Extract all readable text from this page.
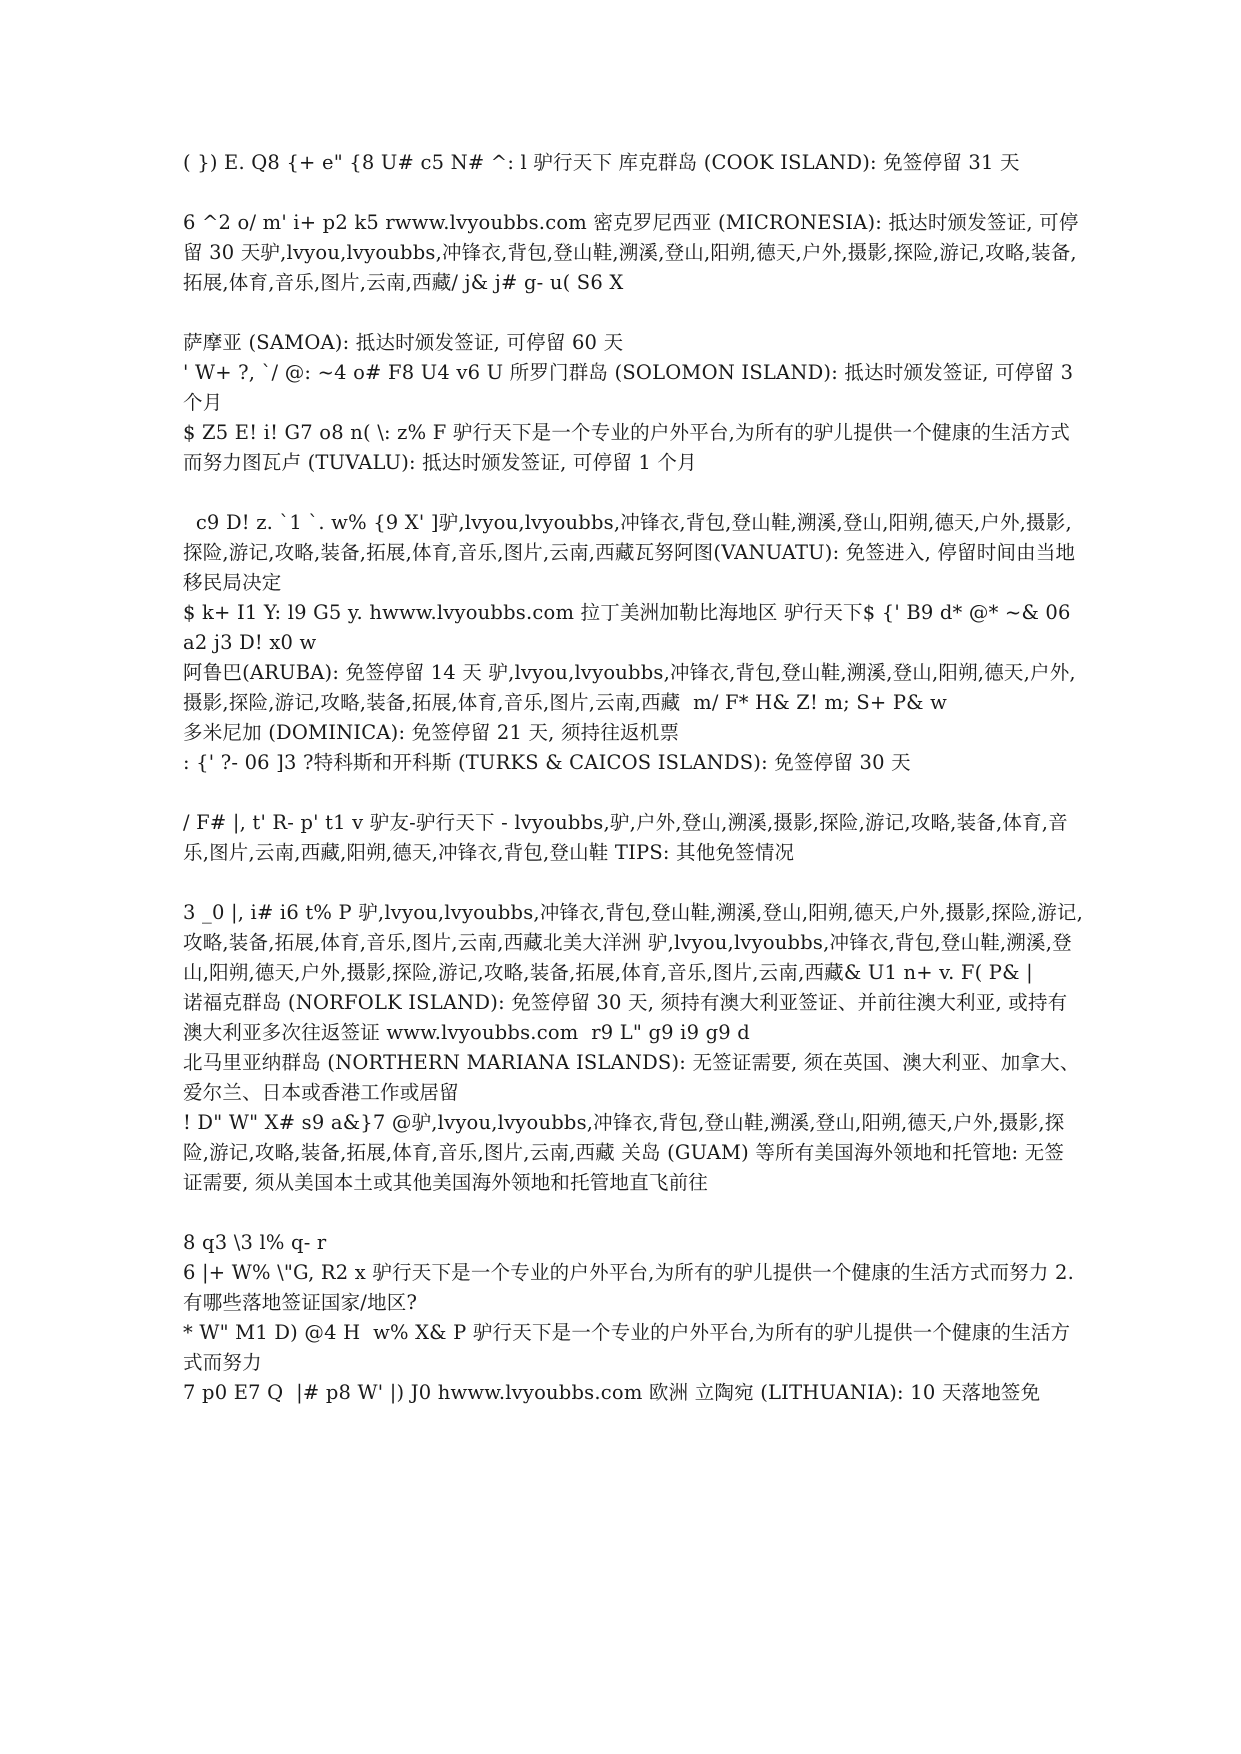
( }) E. Q8 {+ e" {8 U# c5 N# ^: l 驴行天下 库克群岛 (COOK ISLAND): 免签停留 31 天

6 ^2 o/ m' i+ p2 k5 rwww.lvyoubbs.com 密克罗尼西亚 (MICRONESIA): 抵达时颁发签证, 可停留 30 天驴,lvyou,lvyoubbs,冲锋衣,背包,登山鞋,溯溪,登山,阳朔,德天,户外,摄影,探险,游记,攻略,装备,拓展,体育,音乐,图片,云南,西藏/ j& j# g- u( S6 X

萨摩亚 (SAMOA): 抵达时颁发签证, 可停留 60 天

' W+ ?, `/ @: ~4 o# F8 U4 v6 U 所罗门群岛 (SOLOMON ISLAND): 抵达时颁发签证, 可停留 3 个月

$ Z5 E! i! G7 o8 n( \: z% F 驴行天下是一个专业的户外平台,为所有的驴儿提供一个健康的生活方式而努力图瓦卢 (TUVALU): 抵达时颁发签证, 可停留 1 个月

c9 D! z. `1 `. w% {9 X' ]驴,lvyou,lvyoubbs,冲锋衣,背包,登山鞋,溯溪,登山,阳朔,德天,户外,摄影,探险,游记,攻略,装备,拓展,体育,音乐,图片,云南,西藏瓦努阿图(VANUATU): 免签进入, 停留时间由当地移民局决定

$ k+ I1 Y: l9 G5 y. hwww.lvyoubbs.com 拉丁美洲加勒比海地区 驴行天下$ {' B9 d* @* ~& 06 a2 j3 D! x0 w

阿鲁巴(ARUBA): 免签停留 14 天 驴,lvyou,lvyoubbs,冲锋衣,背包,登山鞋,溯溪,登山,阳朔,德天,户外,摄影,探险,游记,攻略,装备,拓展,体育,音乐,图片,云南,西藏  m/ F* H& Z! m; S+ P& w

多米尼加 (DOMINICA): 免签停留 21 天, 须持往返机票

: {' ?- 06 ]3 ?特科斯和开科斯 (TURKS & CAICOS ISLANDS): 免签停留 30 天

/ F# |, t' R- p' t1 v 驴友-驴行天下 - lvyoubbs,驴,户外,登山,溯溪,摄影,探险,游记,攻略,装备,体育,音乐,图片,云南,西藏,阳朔,德天,冲锋衣,背包,登山鞋 TIPS: 其他免签情况

3 _0 |, i# i6 t% P 驴,lvyou,lvyoubbs,冲锋衣,背包,登山鞋,溯溪,登山,阳朔,德天,户外,摄影,探险,游记,攻略,装备,拓展,体育,音乐,图片,云南,西藏北美大洋洲 驴,lvyou,lvyoubbs,冲锋衣,背包,登山鞋,溯溪,登山,阳朔,德天,户外,摄影,探险,游记,攻略,装备,拓展,体育,音乐,图片,云南,西藏& U1 n+ v. F( P& |

诺福克群岛 (NORFOLK ISLAND): 免签停留 30 天, 须持有澳大利亚签证、并前往澳大利亚, 或持有澳大利亚多次往返签证 www.lvyoubbs.com  r9 L" g9 i9 g9 d

北马里亚纳群岛 (NORTHERN MARIANA ISLANDS): 无签证需要, 须在英国、澳大利亚、加拿大、爱尔兰、日本或香港工作或居留

! D" W" X# s9 a&}7 @驴,lvyou,lvyoubbs,冲锋衣,背包,登山鞋,溯溪,登山,阳朔,德天,户外,摄影,探险,游记,攻略,装备,拓展,体育,音乐,图片,云南,西藏 关岛 (GUAM) 等所有美国海外领地和托管地: 无签证需要, 须从美国本土或其他美国海外领地和托管地直飞前往

8 q3 \3 l% q- r

6 |+ W% \"G, R2 x 驴行天下是一个专业的户外平台,为所有的驴儿提供一个健康的生活方式而努力 2.有哪些落地签证国家/地区?

* W" M1 D) @4 H  w% X& P 驴行天下是一个专业的户外平台,为所有的驴儿提供一个健康的生活方式而努力

7 p0 E7 Q  |# p8 W' |) J0 hwww.lvyoubbs.com 欧洲 立陶宛 (LITHUANIA): 10 天落地签免
